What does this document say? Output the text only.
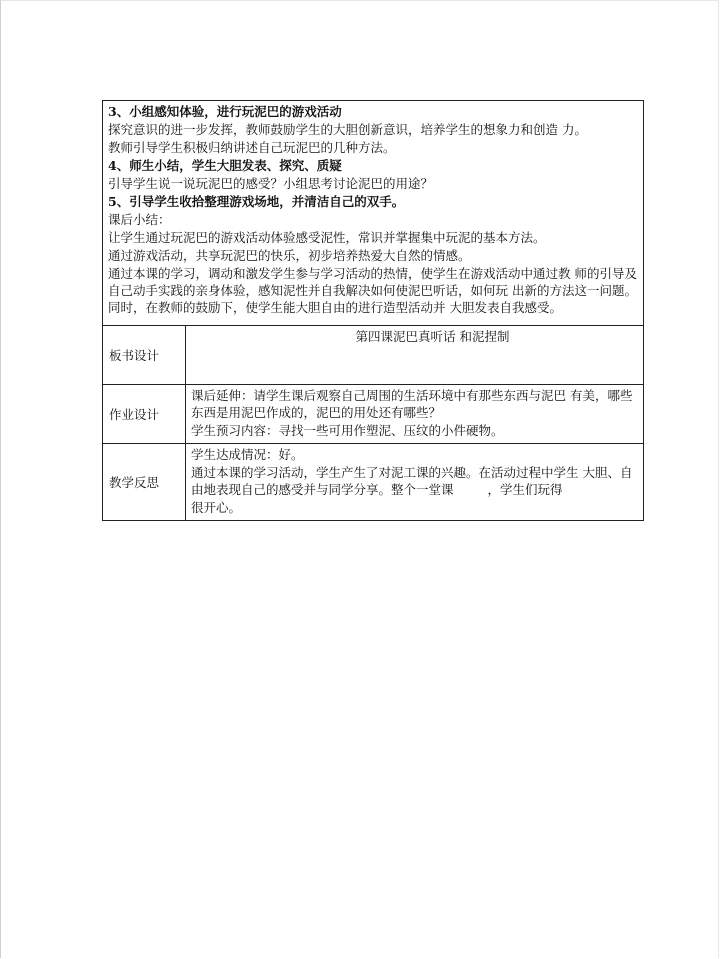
3、小组感知体验，进行玩泥巴的游戏活动

探究意识的进一步发挥，教师鼓励学生的大胆创新意识，培养学生的想象力和创造 力。

教师引导学生积极归纳讲述自己玩泥巴的几种方法。

4、师生小结，学生大胆发表、探究、质疑

引导学生说一说玩泥巴的感受？小组思考讨论泥巴的用途？

5、引导学生收拾整理游戏场地，并清洁自己的双手。

课后小结：

让学生通过玩泥巴的游戏活动体验感受泥性，常识并掌握集中玩泥的基本方法。

通过游戏活动，共享玩泥巴的快乐，初步培养热爱大自然的情感。

通过本课的学习，调动和激发学生参与学习活动的热情，使学生在游戏活动中通过教 师的引导及自己动手实践的亲身体验，感知泥性并自我解决如何使泥巴听话，如何玩 出新的方法这一问题。同时，在教师的鼓励下，使学生能大胆自由的进行造型活动并 大胆发表自我感受。

板书设计
第四课泥巴真听话 和泥捏制
作业设计

课后延伸：请学生课后观察自己周围的生活环境中有那些东西与泥巴 有美，哪些东西是用泥巴作成的，泥巴的用处还有哪些？

学生预习内容：寻找一些可用作塑泥、压纹的小件硬物。

教学反思

学生达成情况：好。

通过本课的学习活动，学生产生了对泥工课的兴趣。在活动过程中学生 大胆、自由地表现自己的感受并与同学分享。整个一堂课	，学生们玩得

很开心。
